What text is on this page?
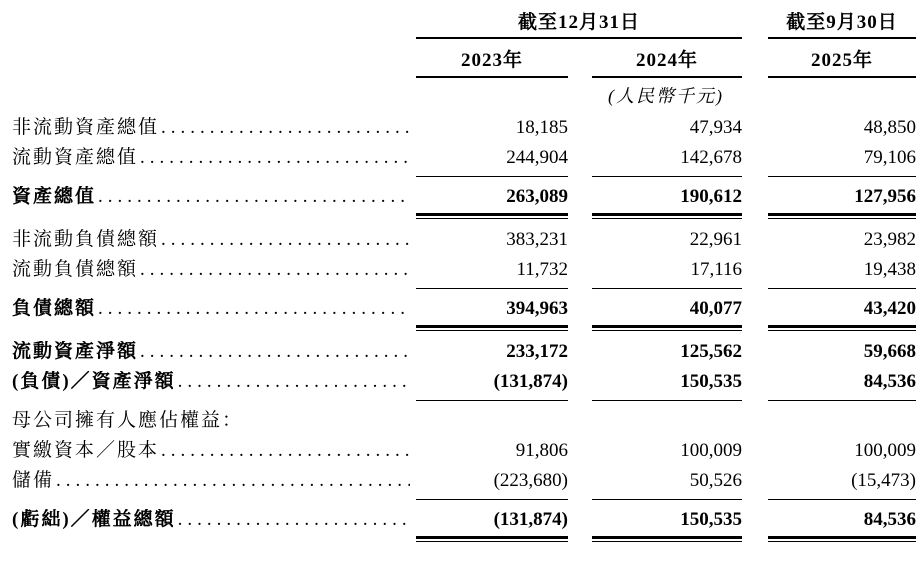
截至12月31日	截至9月30日
2023年	2024年	2025年
(人民幣千元)
非流動資產總值 .....	18,185	47,934	48,850
流動資產總值 .....	244,904	142,678	79,106
資產總值 .....	263,089	190,612	127,956
非流動負債總額 .....	383,231	22,961	23,982
流動負債總額 .....	11,732	17,116	19,438
負債總額 .....	394,963	40,077	43,420
流動資產淨額 .....	233,172	125,562	59,668
(負債)／資產淨額 .....	(131,874)	150,535	84,536
母公司擁有人應佔權益：
實繳資本／股本 .....	91,806	100,009	100,009
儲備 .....	(223,680)	50,526	(15,473)
(虧絀)／權益總額 .....	(131,874)	150,535	84,536
